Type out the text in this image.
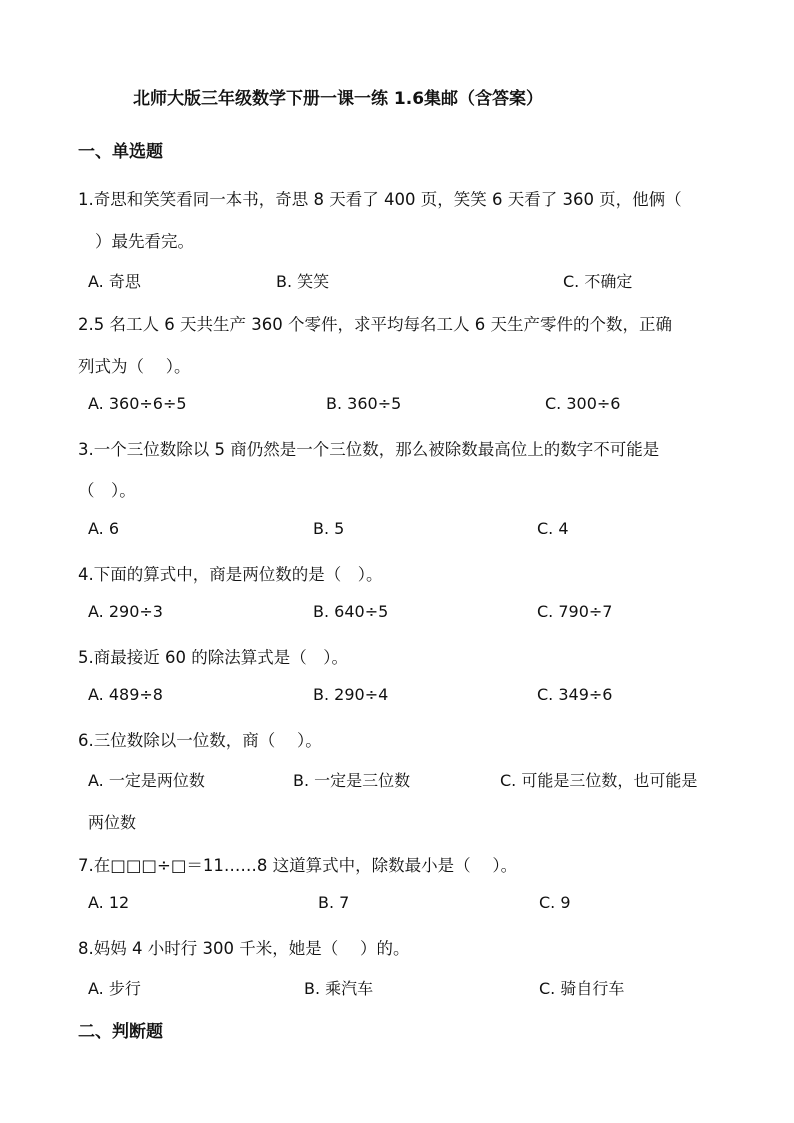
北师大版三年级数学下册一课一练 1.6集邮（含答案）
一、单选题
1.奇思和笑笑看同一本书，奇思 8 天看了 400 页，笑笑 6 天看了 360 页，他俩（
）最先看完。
A. 奇思	B. 笑笑	C. 不确定
2.5 名工人 6 天共生产 360 个零件，求平均每名工人 6 天生产零件的个数，正确
列式为（　 ）。
A. 360÷6÷5	B. 360÷5	C. 300÷6
3.一个三位数除以 5 商仍然是一个三位数，那么被除数最高位上的数字不可能是
（　）。
A. 6	B. 5	C. 4
4.下面的算式中，商是两位数的是（　）。
A. 290÷3	B. 640÷5	C. 790÷7
5.商最接近 60 的除法算式是（　）。
A. 489÷8	B. 290÷4	C. 349÷6
6.三位数除以一位数，商（　 ）。
A. 一定是两位数	B. 一定是三位数	C. 可能是三位数，也可能是
两位数
7.在□□□÷□＝11……8 这道算式中，除数最小是（　 ）。
A. 12	B. 7	C. 9
8.妈妈 4 小时行 300 千米，她是（　 ）的。
A. 步行	B. 乘汽车	C. 骑自行车
二、判断题
